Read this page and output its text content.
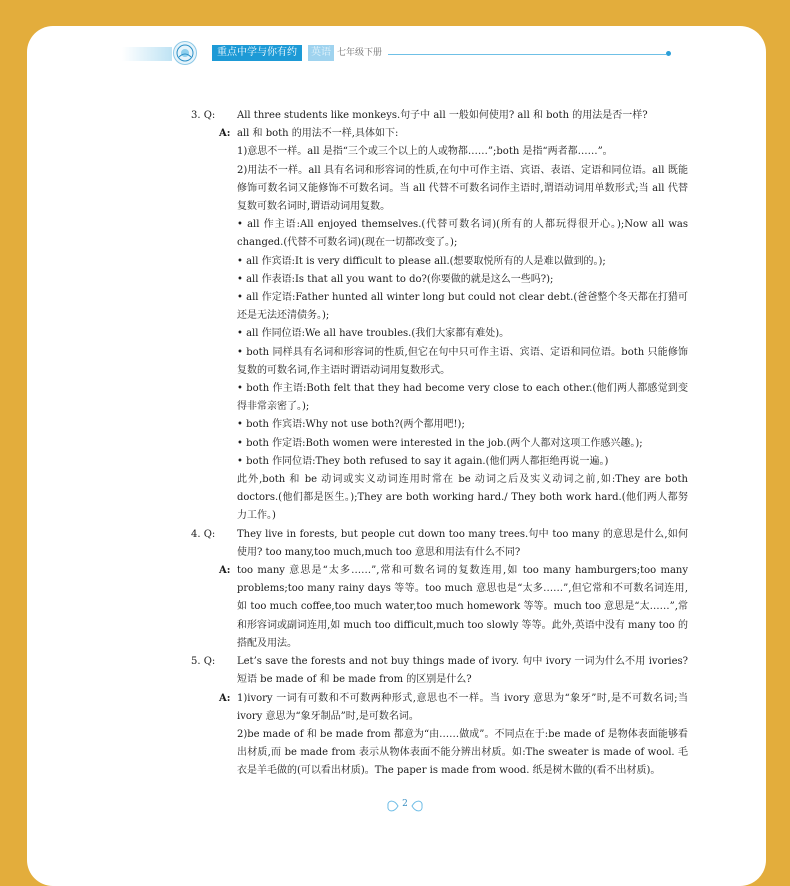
重点中学与你有约	英语 七年级下册
3. Q: All three students like monkeys.句子中 all 一般如何使用? all 和 both 的用法是否一样?
A: all 和 both 的用法不一样,具体如下:
1)意思不一样。all 是指“三个或三个以上的人或物都……”;both 是指“两者都……”。
2)用法不一样。all 具有名词和形容词的性质,在句中可作主语、宾语、表语、定语和同位语。all 既能修饰可数名词又能修饰不可数名词。当 all 代替不可数名词作主语时,谓语动词用单数形式;当 all 代替复数可数名词时,谓语动词用复数。
• all 作主语:All enjoyed themselves.(代替可数名词)(所有的人都玩得很开心。);Now all was changed.(代替不可数名词)(现在一切都改变了。);
• all 作宾语:It is very difficult to please all.(想要取悦所有的人是难以做到的。);
• all 作表语:Is that all you want to do?(你要做的就是这么一些吗?);
• all 作定语:Father hunted all winter long but could not clear debt.(爸爸整个冬天都在打猎可还是无法还清债务。);
• all 作同位语:We all have troubles.(我们大家都有难处)。
• both 同样具有名词和形容词的性质,但它在句中只可作主语、宾语、定语和同位语。both 只能修饰复数的可数名词,作主语时谓语动词用复数形式。
• both 作主语:Both felt that they had become very close to each other.(他们两人都感觉到变得非常亲密了。);
• both 作宾语:Why not use both?(两个都用吧!);
• both 作定语:Both women were interested in the job.(两个人都对这项工作感兴趣。);
• both 作同位语:They both refused to say it again.(他们两人都拒绝再说一遍。)
此外,both 和 be 动词或实义动词连用时常在 be 动词之后及实义动词之前,如:They are both doctors.(他们都是医生。);They are both working hard./ They both work hard.(他们两人都努力工作。)
4. Q: They live in forests, but people cut down too many trees.句中 too many 的意思是什么,如何使用? too many,too much,much too 意思和用法有什么不同?
A: too many 意思是“太多……”,常和可数名词的复数连用,如 too many hamburgers;too many problems;too many rainy days 等等。too much 意思也是“太多……”,但它常和不可数名词连用,如 too much coffee,too much water,too much homework 等等。much too 意思是“太……”,常和形容词或副词连用,如 much too difficult,much too slowly 等等。此外,英语中没有 many too 的搭配及用法。
5. Q: Let’s save the forests and not buy things made of ivory. 句中 ivory 一词为什么不用 ivories? 短语 be made of 和 be made from 的区别是什么?
A: 1)ivory 一词有可数和不可数两种形式,意思也不一样。当 ivory 意思为“象牙”时,是不可数名词;当 ivory 意思为“象牙制品”时,是可数名词。
2)be made of 和 be made from 都意为“由……做成”。不同点在于:be made of 是物体表面能够看出材质,而 be made from 表示从物体表面不能分辨出材质。如:The sweater is made of wool. 毛衣是羊毛做的(可以看出材质)。The paper is made from wood. 纸是树木做的(看不出材质)。
2
